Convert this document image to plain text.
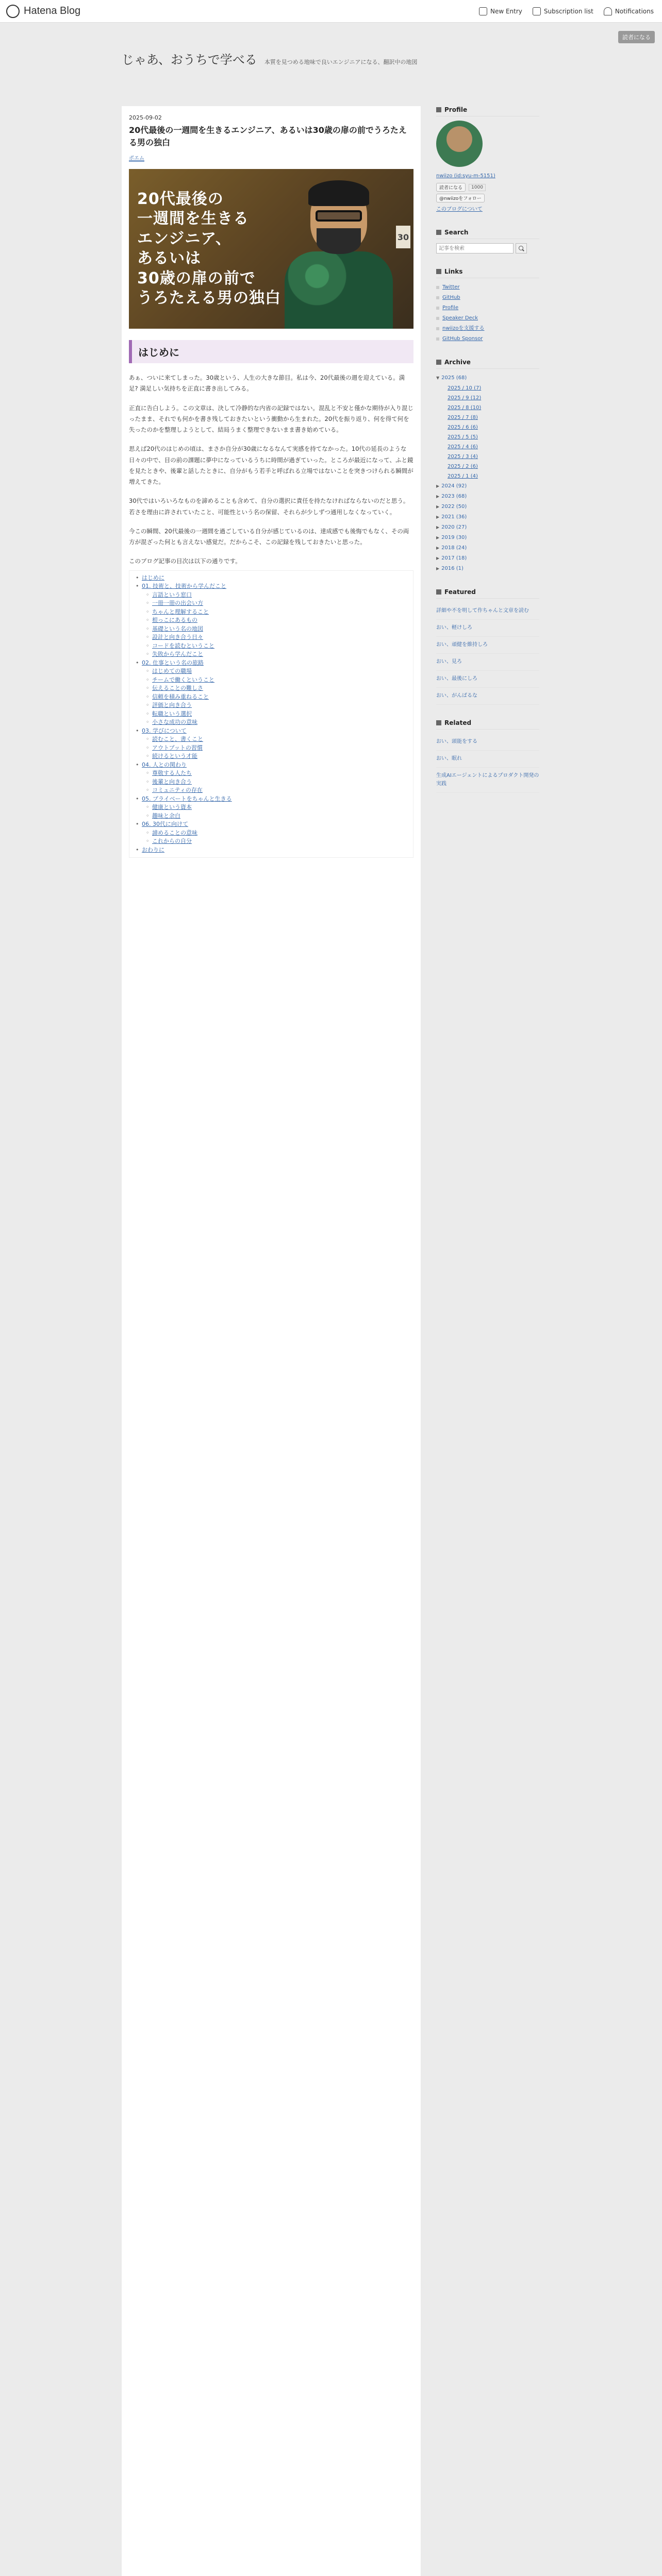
Hatena Blog	New Entry	Subscription list	Notifications
読者になる
じゃあ、おうちで学べる 本質を見つめる地味で良いエンジニアになる、翻訳中の地図
2025-09-02
20代最後の一週間を生きるエンジニア、あるいは30歳の扉の前でうろたえる男の独白
ポエム
20代最後の
一週間を生きる
エンジニア、
あるいは
30歳の扉の前で
うろたえる男の独白
30
はじめに

あぁ、ついに来てしまった。30歳という、人生の大きな節目。私は今、20代最後の週を迎えている。満足? 満足しい気持ちを正直に書き出してみる。

正直に告白しよう。この文章は、決して冷静的な内省の記録ではない。混乱と不安と僅かな期待が入り混じったまま、それでも何かを書き残しておきたいという衝動から生まれた。20代を振り返り、何を得て何を失ったのかを整理しようとして、結局うまく整理できないまま書き始めている。

思えば20代のはじめの頃は、まさか自分が30歳になるなんて実感を持てなかった。10代の延長のような日々の中で、目の前の課題に夢中になっているうちに時間が過ぎていった。ところが最近になって、ふと鏡を見たときや、後輩と話したときに、自分がもう若手と呼ばれる立場ではないことを突きつけられる瞬間が増えてきた。

30代ではいろいろなものを諦めることも含めて、自分の選択に責任を持たなければならないのだと思う。若さを理由に許されていたこと、可能性という名の保留、それらが少しずつ通用しなくなっていく。

今この瞬間、20代最後の一週間を過ごしている自分が感じているのは、達成感でも後悔でもなく、その両方が混ざった何とも言えない感覚だ。だからこそ、この記録を残しておきたいと思った。

このブログ記事の目次は以下の通りです。
• はじめに
• 01. 技術と、技術から学んだこと
◦ 言語という窓口
◦ 一冊一冊の出会い方
◦ ちゃんと理解すること
◦ 根っこにあるもの
◦ 基礎という名の地図
◦ 設計と向き合う日々
◦ コードを読むということ
◦ 失敗から学んだこと
• 02. 仕事という名の旅路
◦ はじめての職場
◦ チームで働くということ
◦ 伝えることの難しさ
◦ 信頼を積み重ねること
◦ 評価と向き合う
◦ 転職という選択
◦ 小さな成功の意味
• 03. 学びについて
◦ 読むこと、書くこと
◦ アウトプットの習慣
◦ 続けるという才能
• 04. 人との関わり
◦ 尊敬する人たち
◦ 後輩と向き合う
◦ コミュニティの存在
• 05. プライベートをちゃんと生きる
◦ 健康という資本
◦ 趣味と余白
• 06. 30代に向けて
◦ 諦めることの意味
◦ これからの自分
• おわりに
Profile
nwiizo (id:syu-m-5151)
読者になる	1000
@nwiizoをフォロー
このブログについて
Search
記事を検索
Links
Twitter
GitHub
Profile
Speaker Deck
nwiizoを支援する
GitHub Sponsor
Archive
▼ 2025 (68)
2025 / 10 (7)
2025 / 9 (12)
2025 / 8 (10)
2025 / 7 (8)
2025 / 6 (6)
2025 / 5 (5)
2025 / 4 (6)
2025 / 3 (4)
2025 / 2 (6)
2025 / 1 (4)
▶ 2024 (92)
▶ 2023 (68)
▶ 2022 (50)
▶ 2021 (36)
▶ 2020 (27)
▶ 2019 (30)
▶ 2018 (24)
▶ 2017 (18)
▶ 2016 (1)
Featured
詳細や不を明して作ちゃんと文章を読む
おい、軽けしろ
おい、頑健を維持しろ
おい、見ろ
おい、最後にしろ
おい、がんばるな
Related
おい、頭能をする
おい、眠れ
生成AIエージェントによるプロダクト開発の実践
